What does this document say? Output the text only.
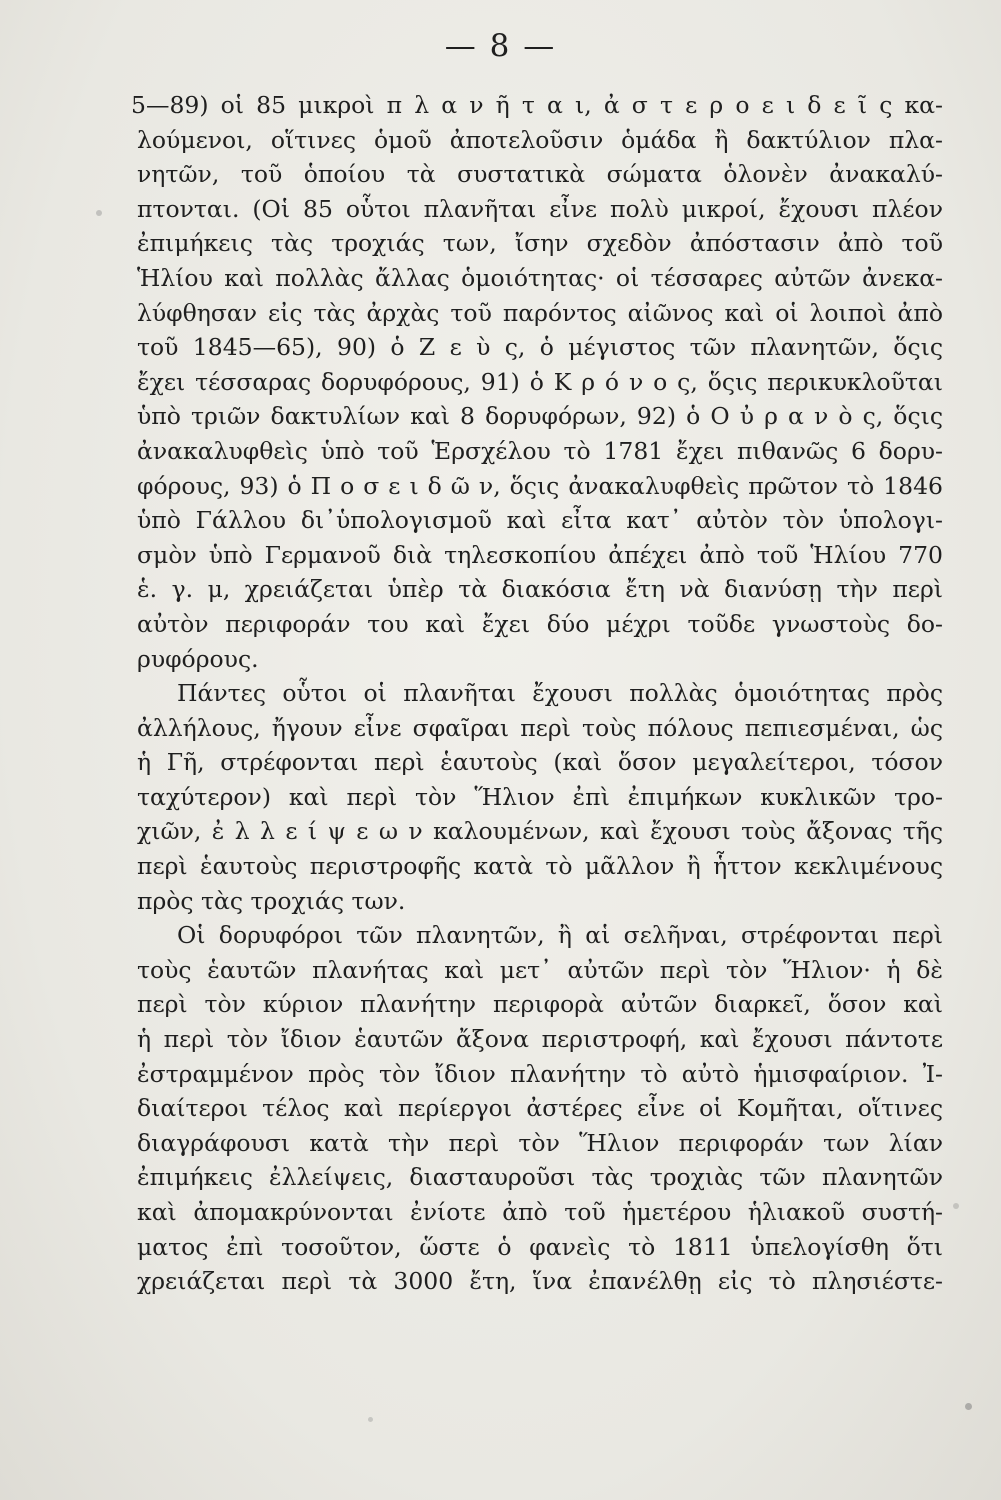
— 8 —
5—89) οἱ 85 μικροὶ π λ α ν ῆ τ α ι, ἀ σ τ ε ρ ο ε ι δ ε ῖ ς κα-
λούμενοι, οἵτινες ὁμοῦ ἀποτελοῦσιν ὁμάδα ἢ δακτύλιον πλα-
νητῶν, τοῦ ὁποίου τὰ συστατικὰ σώματα ὁλονὲν ἀνακαλύ-
πτονται. (Οἱ 85 οὗτοι πλανῆται εἶνε πολὺ μικροί, ἔχουσι πλέον
ἐπιμήκεις τὰς τροχιάς των, ἴσην σχεδὸν ἀπόστασιν ἀπὸ τοῦ
Ἡλίου καὶ πολλὰς ἄλλας ὁμοιότητας· οἱ τέσσαρες αὐτῶν ἀνεκα-
λύφθησαν εἰς τὰς ἀρχὰς τοῦ παρόντος αἰῶνος καὶ οἱ λοιποὶ ἀπὸ
τοῦ 1845—65), 90) ὁ Ζ ε ὺ ς, ὁ μέγιστος τῶν πλανητῶν, ὅςις
ἔχει τέσσαρας δορυφόρους, 91) ὁ Κ ρ ό ν ο ς, ὅςις περικυκλοῦται
ὑπὸ τριῶν δακτυλίων καὶ 8 δορυφόρων, 92) ὁ Ο ὐ ρ α ν ὸ ς, ὅςις
ἀνακαλυφθεὶς ὑπὸ τοῦ Ἑρσχέλου τὸ 1781 ἔχει πιθανῶς 6 δορυ-
φόρους, 93) ὁ Π ο σ ε ι δ ῶ ν, ὅςις ἀνακαλυφθεὶς πρῶτον τὸ 1846
ὑπὸ Γάλλου δι᾽ὑπολογισμοῦ καὶ εἶτα κατ᾽ αὐτὸν τὸν ὑπολογι-
σμὸν ὑπὸ Γερμανοῦ διὰ τηλεσκοπίου ἀπέχει ἀπὸ τοῦ Ἡλίου 770
ἑ. γ. μ, χρειάζεται ὑπὲρ τὰ διακόσια ἔτη νὰ διανύσῃ τὴν περὶ
αὐτὸν περιφοράν του καὶ ἔχει δύο μέχρι τοῦδε γνωστοὺς δο-
ρυφόρους.
Πάντες οὗτοι οἱ πλανῆται ἔχουσι πολλὰς ὁμοιότητας πρὸς
ἀλλήλους, ἤγουν εἶνε σφαῖραι περὶ τοὺς πόλους πεπιεσμέναι, ὡς
ἡ Γῆ, στρέφονται περὶ ἑαυτοὺς (καὶ ὅσον μεγαλείτεροι, τόσον
ταχύτερον) καὶ περὶ τὸν Ἥλιον ἐπὶ ἐπιμήκων κυκλικῶν τρο-
χιῶν, ἐ λ λ ε ί ψ ε ω ν καλουμένων, καὶ ἔχουσι τοὺς ἄξονας τῆς
περὶ ἑαυτοὺς περιστροφῆς κατὰ τὸ μᾶλλον ἢ ἧττον κεκλιμένους
πρὸς τὰς τροχιάς των.
Οἱ δορυφόροι τῶν πλανητῶν, ἢ αἱ σελῆναι, στρέφονται περὶ
τοὺς ἑαυτῶν πλανήτας καὶ μετ᾽ αὐτῶν περὶ τὸν Ἥλιον· ἡ δὲ
περὶ τὸν κύριον πλανήτην περιφορὰ αὐτῶν διαρκεῖ, ὅσον καὶ
ἡ περὶ τὸν ἴδιον ἑαυτῶν ἄξονα περιστροφή, καὶ ἔχουσι πάντοτε
ἐστραμμένον πρὸς τὸν ἴδιον πλανήτην τὸ αὐτὸ ἡμισφαίριον. Ἰ-
διαίτεροι τέλος καὶ περίεργοι ἀστέρες εἶνε οἱ Κομῆται, οἵτινες
διαγράφουσι κατὰ τὴν περὶ τὸν Ἥλιον περιφοράν των λίαν
ἐπιμήκεις ἐλλείψεις, διασταυροῦσι τὰς τροχιὰς τῶν πλανητῶν
καὶ ἀπομακρύνονται ἐνίοτε ἀπὸ τοῦ ἡμετέρου ἡλιακοῦ συστή-
ματος ἐπὶ τοσοῦτον, ὥστε ὁ φανεὶς τὸ 1811 ὑπελογίσθη ὅτι
χρειάζεται περὶ τὰ 3000 ἔτη, ἵνα ἐπανέλθῃ εἰς τὸ πλησιέστε-
